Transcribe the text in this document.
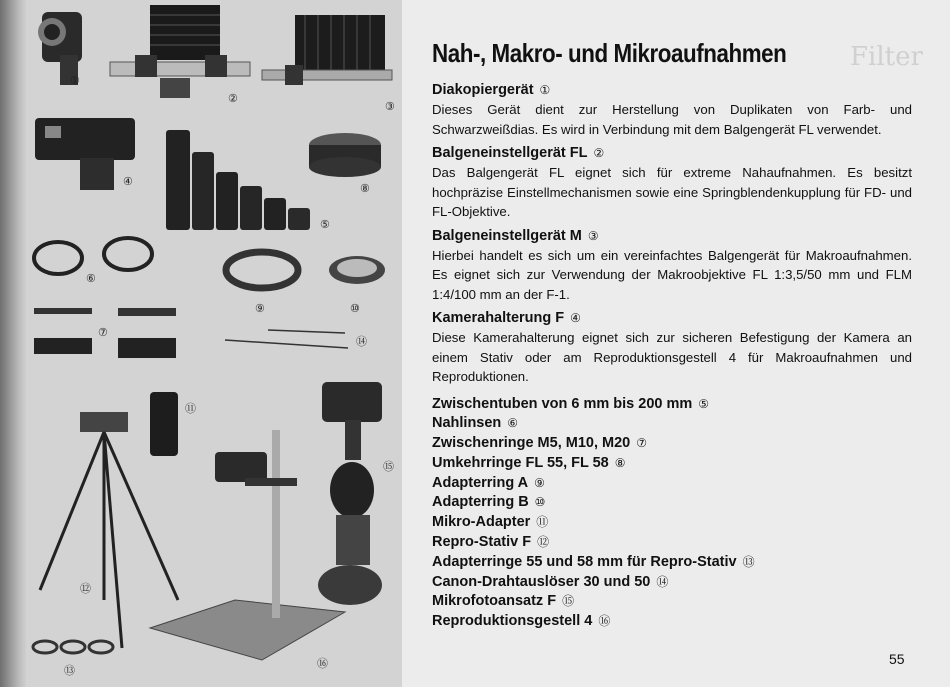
①
②
③
④
⑤
⑥
⑦
⑧
⑨	⑩
⑪
⑫
⑬
⑭
⑮
⑯
Filter
Nah-, Makro- und Mikroaufnahmen
Diakopiergerät ①
Dieses Gerät dient zur Herstellung von Duplikaten von Farb- und Schwarzweißdias. Es wird in Verbindung mit dem Balgengerät FL verwendet.
Balgeneinstellgerät FL ②
Das Balgengerät FL eignet sich für extreme Nahaufnahmen. Es besitzt hochpräzise Einstellmechanismen sowie eine Springblendenkupplung für FD- und FL-Objektive.
Balgeneinstellgerät M ③
Hierbei handelt es sich um ein vereinfachtes Balgengerät für Makroaufnahmen. Es eignet sich zur Verwendung der Makroobjektive FL 1:3,5/50 mm und FLM 1:4/100 mm an der F-1.
Kamerahalterung F ④
Diese Kamerahalterung eignet sich zur sicheren Befestigung der Kamera an einem Stativ oder am Reproduktionsgestell 4 für Makroaufnahmen und Reproduktionen.
Zwischentuben von 6 mm bis 200 mm ⑤
Nahlinsen ⑥
Zwischenringe M5, M10, M20 ⑦
Umkehrringe FL 55, FL 58 ⑧
Adapterring A ⑨
Adapterring B ⑩
Mikro-Adapter ⑪
Repro-Stativ F ⑫
Adapterringe 55 und 58 mm für Repro-Stativ ⑬
Canon-Drahtauslöser 30 und 50 ⑭
Mikrofotoansatz F ⑮
Reproduktionsgestell 4 ⑯
55
